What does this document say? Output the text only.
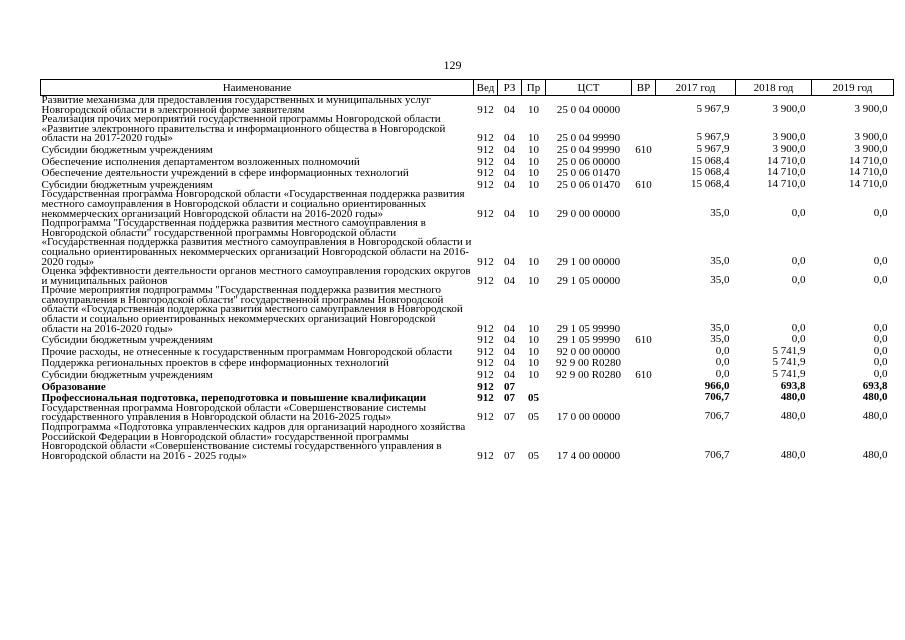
129
Наименование	Вед	РЗ	Пр	ЦСТ	ВР	2017 год	2018 год	2019 год
Развитие механизма для предоставления государственных и муниципальных услуг Новгородской области в электронной форме заявителям	912	04	10	25 0 04 00000		5 967,9	3 900,0	3 900,0
Реализация прочих мероприятий государственной программы Новгородской области «Развитие электронного правительства и информационного общества в Новгородской области на 2017-2020 годы»	912	04	10	25 0 04 99990		5 967,9	3 900,0	3 900,0
Субсидии бюджетным учреждениям	912	04	10	25 0 04 99990	610	5 967,9	3 900,0	3 900,0
Обеспечение исполнения департаментом возложенных полномочий	912	04	10	25 0 06 00000		15 068,4	14 710,0	14 710,0
Обеспечение деятельности учреждений в сфере информационных технологий	912	04	10	25 0 06 01470		15 068,4	14 710,0	14 710,0
Субсидии бюджетным учреждениям	912	04	10	25 0 06 01470	610	15 068,4	14 710,0	14 710,0
Государственная программа Новгородской области «Государственная поддержка развития местного самоуправления в Новгородской области и социально ориентированных некоммерческих организаций Новгородской области на 2016-2020 годы»	912	04	10	29 0 00 00000		35,0	0,0	0,0
Подпрограмма "Государственная поддержка развития местного самоуправления в Новгородской области" государственной программы Новгородской области «Государственная поддержка развития местного самоуправления в Новгородской области и социально ориентированных некоммерческих организаций Новгородской области на 2016-2020 годы»	912	04	10	29 1 00 00000		35,0	0,0	0,0
Оценка эффективности деятельности органов местного самоуправления городских округов и муниципальных районов	912	04	10	29 1 05 00000		35,0	0,0	0,0
Прочие мероприятия подпрограммы "Государственная поддержка развития местного самоуправления в Новгородской области" государственной программы Новгородской области «Государственная поддержка развития местного самоуправления в Новгородской области и социально ориентированных некоммерческих организаций Новгородской области на 2016-2020 годы»	912	04	10	29 1 05 99990		35,0	0,0	0,0
Субсидии бюджетным учреждениям	912	04	10	29 1 05 99990	610	35,0	0,0	0,0
Прочие расходы, не отнесенные к государственным программам Новгородской области	912	04	10	92 0 00 00000		0,0	5 741,9	0,0
Поддержка региональных проектов в сфере информационных технологий	912	04	10	92 9 00 R0280		0,0	5 741,9	0,0
Субсидии бюджетным учреждениям	912	04	10	92 9 00 R0280	610	0,0	5 741,9	0,0
Образование	912	07				966,0	693,8	693,8
Профессиональная подготовка, переподготовка и повышение квалификации	912	07	05			706,7	480,0	480,0
Государственная программа Новгородской области «Совершенствование системы государственного управления в Новгородской области на 2016-2025 годы»	912	07	05	17 0 00 00000		706,7	480,0	480,0
Подпрограмма «Подготовка управленческих кадров для организаций народного хозяйства Российской Федерации в Новгородской области» государственной программы Новгородской области «Совершенствование системы государственного управления в Новгородской области на 2016 - 2025 годы»	912	07	05	17 4 00 00000		706,7	480,0	480,0
